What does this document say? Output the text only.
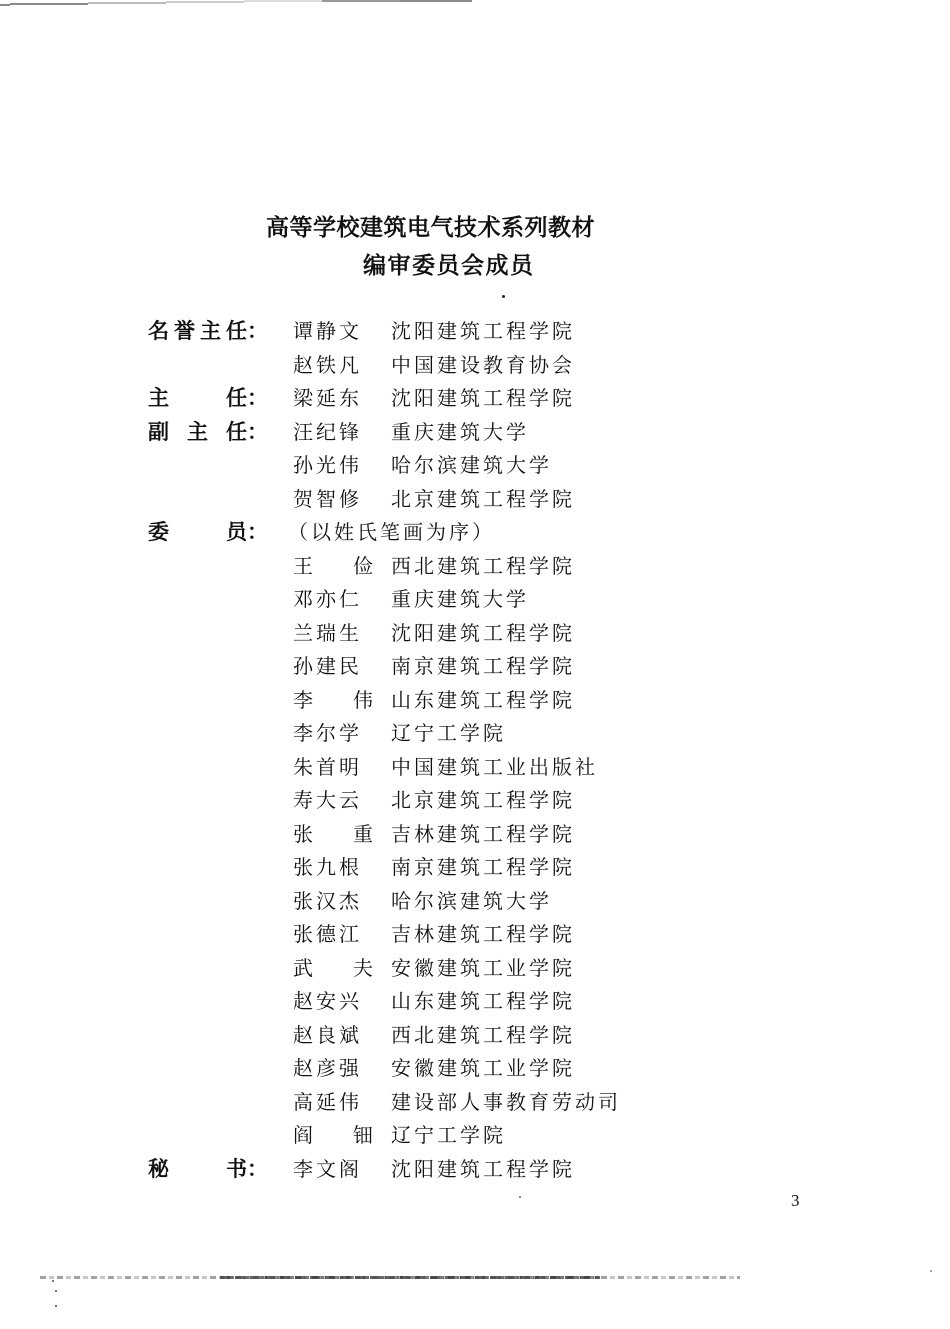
高等学校建筑电气技术系列教材
编审委员会成员
名 誉 主 任： 谭静文 沈阳建筑工程学院
赵铁凡 中国建设教育协会
主	任： 梁延东 沈阳建筑工程学院
副 主 任： 汪纪锋 重庆建筑大学
孙光伟 哈尔滨建筑大学
贺智修 北京建筑工程学院
委	员： （以姓氏笔画为序）
王 俭 西北建筑工程学院
邓亦仁 重庆建筑大学
兰瑞生 沈阳建筑工程学院
孙建民 南京建筑工程学院
李 伟 山东建筑工程学院
李尔学 辽宁工学院
朱首明 中国建筑工业出版社
寿大云 北京建筑工程学院
张 重 吉林建筑工程学院
张九根 南京建筑工程学院
张汉杰 哈尔滨建筑大学
张德江 吉林建筑工程学院
武 夫 安徽建筑工业学院
赵安兴 山东建筑工程学院
赵良斌 西北建筑工程学院
赵彦强 安徽建筑工业学院
高延伟 建设部人事教育劳动司
阎 钿 辽宁工学院
秘	书： 李文阁 沈阳建筑工程学院
3
